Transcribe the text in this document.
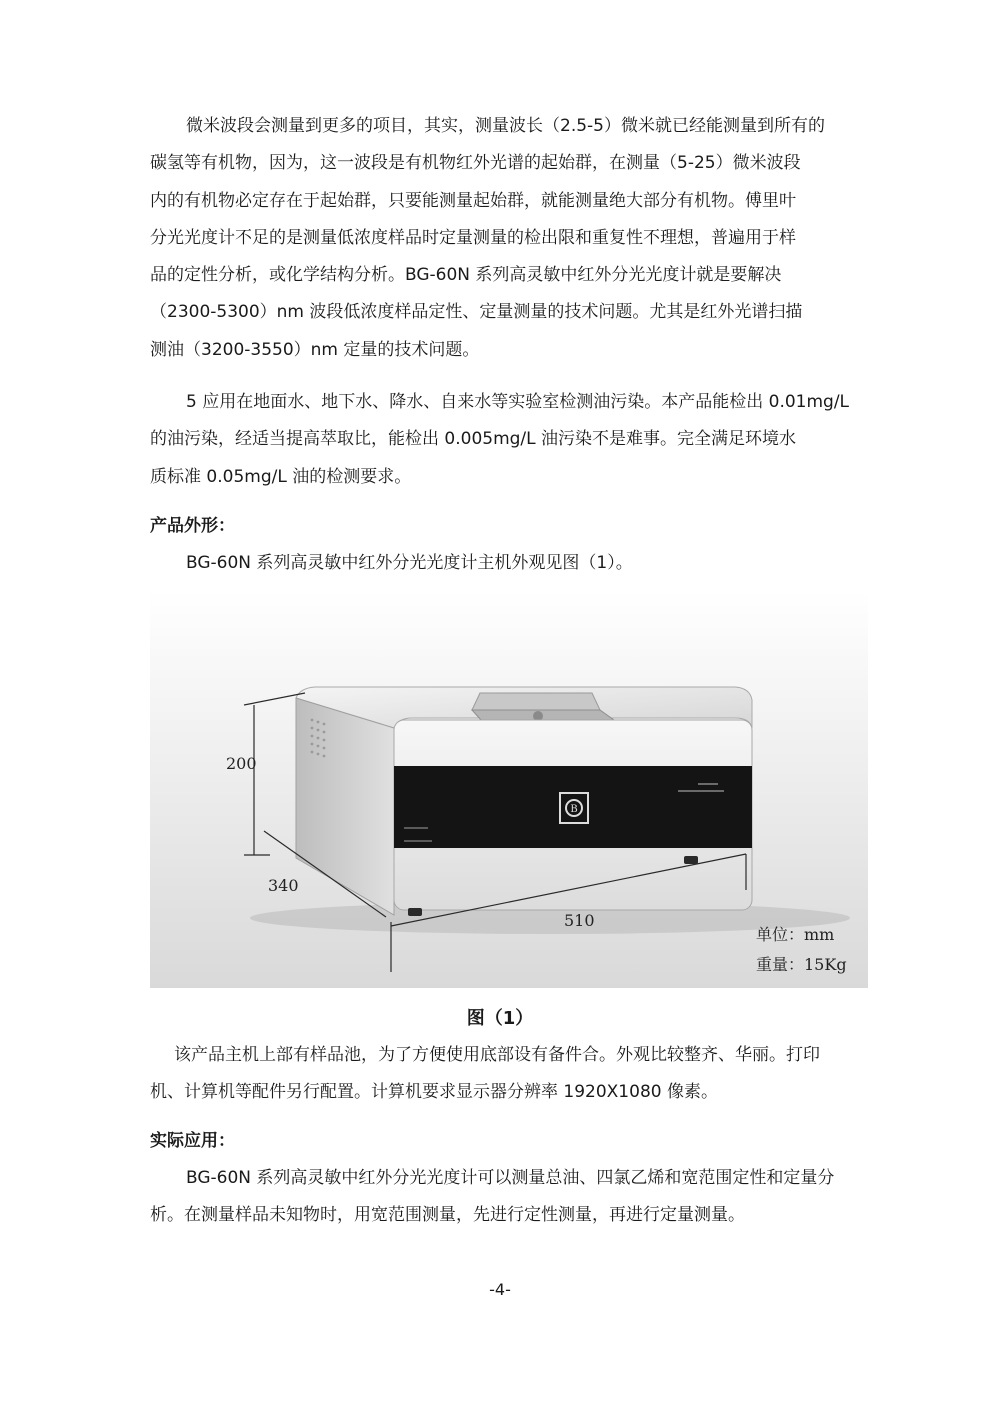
微米波段会测量到更多的项目，其实，测量波长（2.5-5）微米就已经能测量到所有的
碳氢等有机物，因为，这一波段是有机物红外光谱的起始群，在测量（5-25）微米波段
内的有机物必定存在于起始群，只要能测量起始群，就能测量绝大部分有机物。傅里叶
分光光度计不足的是测量低浓度样品时定量测量的检出限和重复性不理想，普遍用于样
品的定性分析，或化学结构分析。BG-60N 系列高灵敏中红外分光光度计就是要解决
（2300-5300）nm 波段低浓度样品定性、定量测量的技术问题。尤其是红外光谱扫描
测油（3200-3550）nm 定量的技术问题。

5 应用在地面水、地下水、降水、自来水等实验室检测油污染。本产品能检出 0.01mg/L
的油污染，经适当提高萃取比，能检出 0.005mg/L 油污染不是难事。完全满足环境水
质标准 0.05mg/L 油的检测要求。

产品外形：

BG-60N 系列高灵敏中红外分光光度计主机外观见图（1）。

B
200
340
510
单位：mm
重量：15Kg
图（1）

该产品主机上部有样品池，为了方便使用底部设有备件合。外观比较整齐、华丽。打印
机、计算机等配件另行配置。计算机要求显示器分辨率 1920X1080 像素。

实际应用：

BG-60N 系列高灵敏中红外分光光度计可以测量总油、四氯乙烯和宽范围定性和定量分
析。在测量样品未知物时，用宽范围测量，先进行定性测量，再进行定量测量。

-4-
